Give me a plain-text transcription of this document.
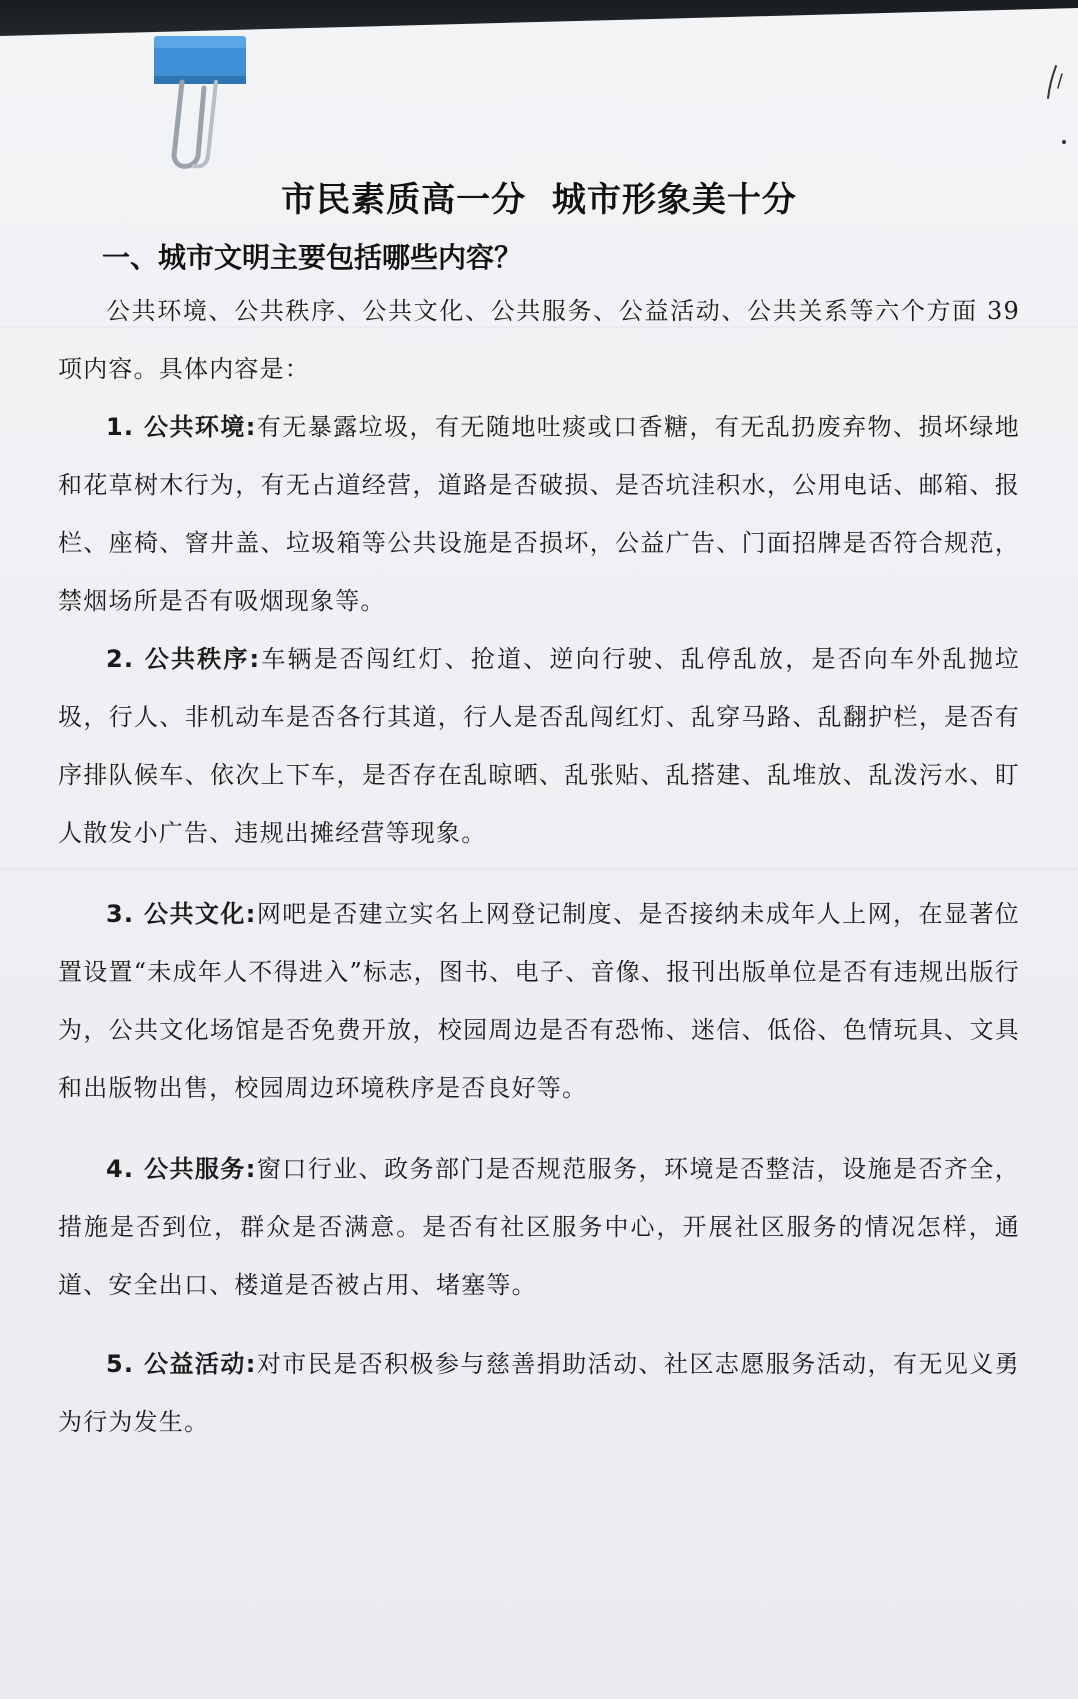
市民素质高一分  城市形象美十分
一、城市文明主要包括哪些内容？
公共环境、公共秩序、公共文化、公共服务、公益活动、公共关系等六个方面 39 项内容。具体内容是：
1. 公共环境:有无暴露垃圾，有无随地吐痰或口香糖，有无乱扔废弃物、损坏绿地和花草树木行为，有无占道经营，道路是否破损、是否坑洼积水，公用电话、邮箱、报栏、座椅、窨井盖、垃圾箱等公共设施是否损坏，公益广告、门面招牌是否符合规范，禁烟场所是否有吸烟现象等。
2. 公共秩序:车辆是否闯红灯、抢道、逆向行驶、乱停乱放，是否向车外乱抛垃圾，行人、非机动车是否各行其道，行人是否乱闯红灯、乱穿马路、乱翻护栏，是否有序排队候车、依次上下车，是否存在乱晾晒、乱张贴、乱搭建、乱堆放、乱泼污水、盯人散发小广告、违规出摊经营等现象。
3. 公共文化:网吧是否建立实名上网登记制度、是否接纳未成年人上网，在显著位置设置“未成年人不得进入”标志，图书、电子、音像、报刊出版单位是否有违规出版行为，公共文化场馆是否免费开放，校园周边是否有恐怖、迷信、低俗、色情玩具、文具和出版物出售，校园周边环境秩序是否良好等。
4. 公共服务:窗口行业、政务部门是否规范服务，环境是否整洁，设施是否齐全，措施是否到位，群众是否满意。是否有社区服务中心，开展社区服务的情况怎样，通道、安全出口、楼道是否被占用、堵塞等。
5. 公益活动:对市民是否积极参与慈善捐助活动、社区志愿服务活动，有无见义勇为行为发生。
